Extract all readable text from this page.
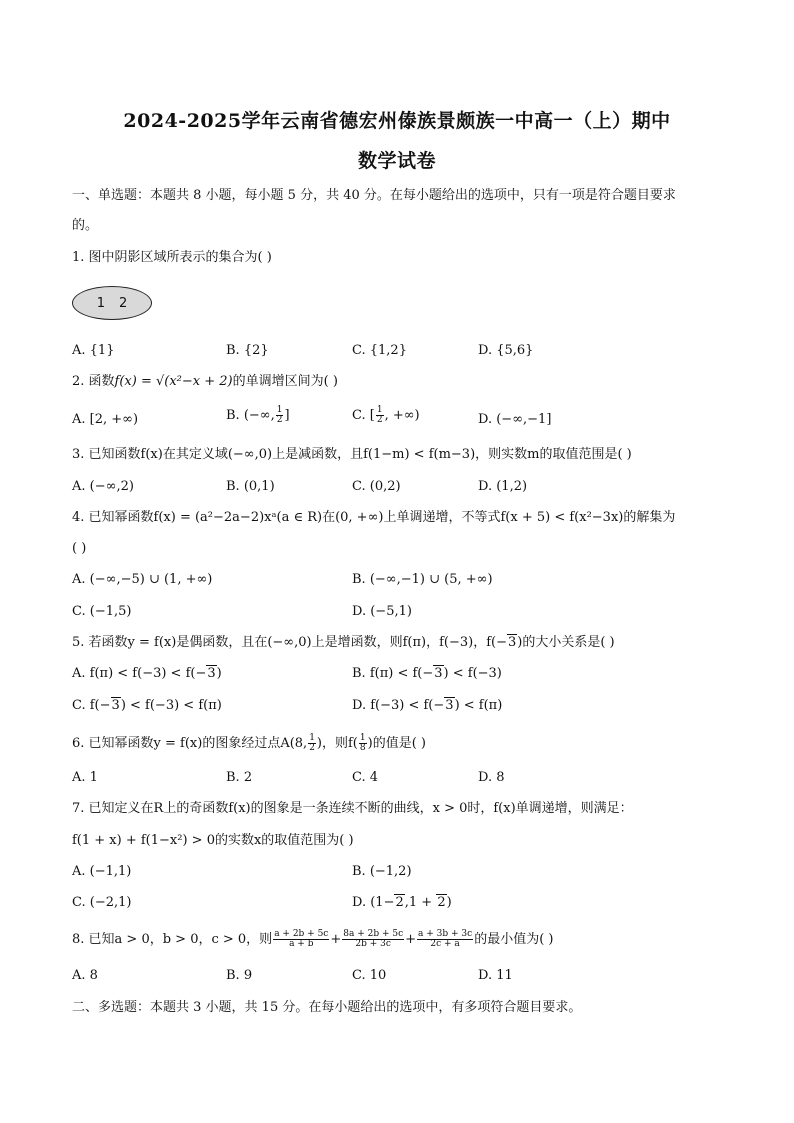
2024-2025学年云南省德宏州傣族景颇族一中高一（上）期中
数学试卷
一、单选题：本题共 8 小题，每小题 5 分，共 40 分。在每小题给出的选项中，只有一项是符合题目要求
的。
1. 图中阴影区域所表示的集合为( )
1 2
A. {1}	B. {2}	C. {1,2}	D. {5,6}
2. 函数f(x) = √(x²−x + 2)的单调增区间为( )
A. [2, +∞)	B. (−∞, $\frac{1}{2}$ ]	C. [ $\frac{1}{2}$ , +∞)	D. (−∞,−1]
3. 已知函数f(x)在其定义域(−∞,0)上是减函数，且f(1−m) < f(m−3)，则实数m的取值范围是( )
A. (−∞,2)	B. (0,1)	C. (0,2)	D. (1,2)
4. 已知幂函数f(x) = (a²−2a−2)xᵃ(a ∈ R)在(0, +∞)上单调递增，不等式f(x + 5) < f(x²−3x)的解集为
( )
A. (−∞,−5) ∪ (1, +∞)	B. (−∞,−1) ∪ (5, +∞)
C. (−1,5)	D. (−5,1)
5. 若函数y = f(x)是偶函数，且在(−∞,0)上是增函数，则f(π)，f(−3)，f(−3)的大小关系是( )
A. f(π) < f(−3) < f(−3)	B. f(π) < f(−3) < f(−3)
C. f(−3) < f(−3) < f(π)	D. f(−3) < f(−3) < f(π)
6. 已知幂函数y = f(x)的图象经过点A(8, $\frac{1}{2}$ )，则$f( \frac{1}{8}$ )的值是( )
A. 1	B. 2	C. 4	D. 8
7. 已知定义在R上的奇函数f(x)的图象是一条连续不断的曲线，x > 0时，f(x)单调递增，则满足：
f(1 + x) + f(1−x²) > 0的实数x的取值范围为( )
A. (−1,1)	B. (−1,2)
C. (−2,1)	D. (1−2,1 + 2)
8. 已知a > 0，b > 0，c > 0，则 $\frac{a + 2b + 5c}{a + b} + \frac{8a + 2b + 5c}{2b + 3c} + \frac{a + 3b + 3c}{2c + a}$ 的最小值为( )
A. 8	B. 9	C. 10	D. 11
二、多选题：本题共 3 小题，共 15 分。在每小题给出的选项中，有多项符合题目要求。
